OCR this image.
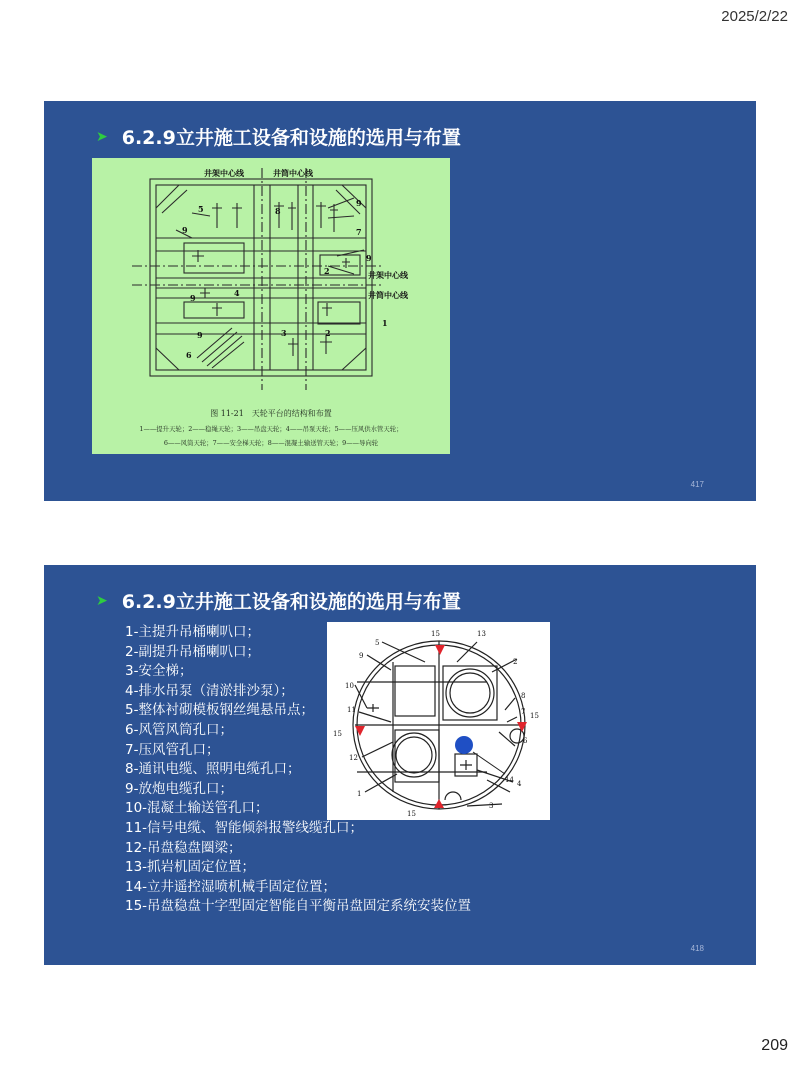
2025/2/22
➤ 6.2.9立井施工设备和设施的选用与布置
井架中心线	井筒中心线
井架中心线
井筒中心线
5	8
9
7
9
9
2
9	4
1
9	3	2
6
图 11-21　天轮平台的结构和布置
1——提升天轮；2——稳绳天轮；3——吊盘天轮；4——吊泵天轮；5——压风供水管天轮；
6——风筒天轮；7——安全梯天轮；8——混凝土输送管天轮；9——导向轮
417
➤ 6.2.9立井施工设备和设施的选用与布置
15	13
5
9
2
10
8
7 15
11
6
15
12
14 4
1
3
15
1-主提升吊桶喇叭口；
2-副提升吊桶喇叭口；
3-安全梯；
4-排水吊泵（清淤排沙泵）；
5-整体衬砌模板钢丝绳悬吊点；
6-风管风筒孔口；
7-压风管孔口；
8-通讯电缆、照明电缆孔口；
9-放炮电缆孔口；
10-混凝土输送管孔口；
11-信号电缆、智能倾斜报警线缆孔口；
12-吊盘稳盘圈梁；
13-抓岩机固定位置；
14-立井遥控湿喷机械手固定位置；
15-吊盘稳盘十字型固定智能自平衡吊盘固定系统安装位置
418
209
